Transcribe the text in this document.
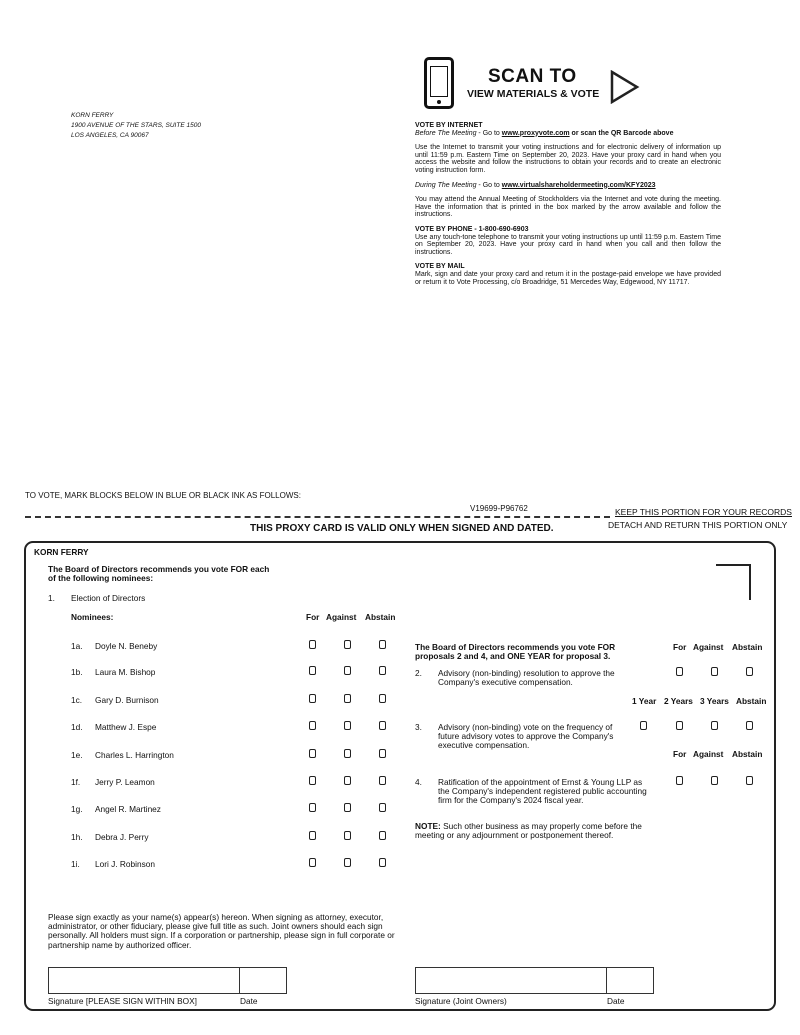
KORN FERRY
1900 AVENUE OF THE STARS, SUITE 1500
LOS ANGELES, CA 90067
SCAN TO
VIEW MATERIALS & VOTE

VOTE BY INTERNET

Before The Meeting - Go to www.proxyvote.com or scan the QR Barcode above

Use the Internet to transmit your voting instructions and for electronic delivery of information up until 11:59 p.m. Eastern Time on September 20, 2023. Have your proxy card in hand when you access the website and follow the instructions to obtain your records and to create an electronic voting instruction form.

During The Meeting - Go to www.virtualshareholdermeeting.com/KFY2023

You may attend the Annual Meeting of Stockholders via the Internet and vote during the meeting. Have the information that is printed in the box marked by the arrow available and follow the instructions.

VOTE BY PHONE - 1-800-690-6903

Use any touch-tone telephone to transmit your voting instructions up until 11:59 p.m. Eastern Time on September 20, 2023. Have your proxy card in hand when you call and then follow the instructions.

VOTE BY MAIL

Mark, sign and date your proxy card and return it in the postage-paid envelope we have provided or return it to Vote Processing, c/o Broadridge, 51 Mercedes Way, Edgewood, NY 11717.

TO VOTE, MARK BLOCKS BELOW IN BLUE OR BLACK INK AS FOLLOWS:
V19699-P96762	KEEP THIS PORTION FOR YOUR RECORDS
DETACH AND RETURN THIS PORTION ONLY
THIS PROXY CARD IS VALID ONLY WHEN SIGNED AND DATED.
KORN FERRY
The Board of Directors recommends you vote FOR each
of the following nominees:
1. Election of Directors
Nominees:	For Against Abstain
1a. Doyle N. Beneby
1b. Laura M. Bishop
1c. Gary D. Burnison
1d. Matthew J. Espe
1e. Charles L. Harrington
1f. Jerry P. Leamon
1g. Angel R. Martinez
1h. Debra J. Perry
1i. Lori J. Robinson
The Board of Directors recommends you vote FOR
proposals 2 and 4, and ONE YEAR for proposal 3.
For Against Abstain
2. Advisory (non-binding) resolution to approve the
Company's executive compensation.
1 Year 2 Years 3 Years Abstain
3. Advisory (non-binding) vote on the frequency of
future advisory votes to approve the Company's
executive compensation.
For Against Abstain
4. Ratification of the appointment of Ernst & Young LLP as
the Company's independent registered public accounting
firm for the Company's 2024 fiscal year.
NOTE: Such other business as may properly come before the
meeting or any adjournment or postponement thereof.
Please sign exactly as your name(s) appear(s) hereon. When signing as attorney, executor, administrator, or other fiduciary, please give full title as such. Joint owners should each sign personally. All holders must sign. If a corporation or partnership, please sign in full corporate or partnership name by authorized officer.
Signature [PLEASE SIGN WITHIN BOX]	Date	Signature (Joint Owners)	Date
